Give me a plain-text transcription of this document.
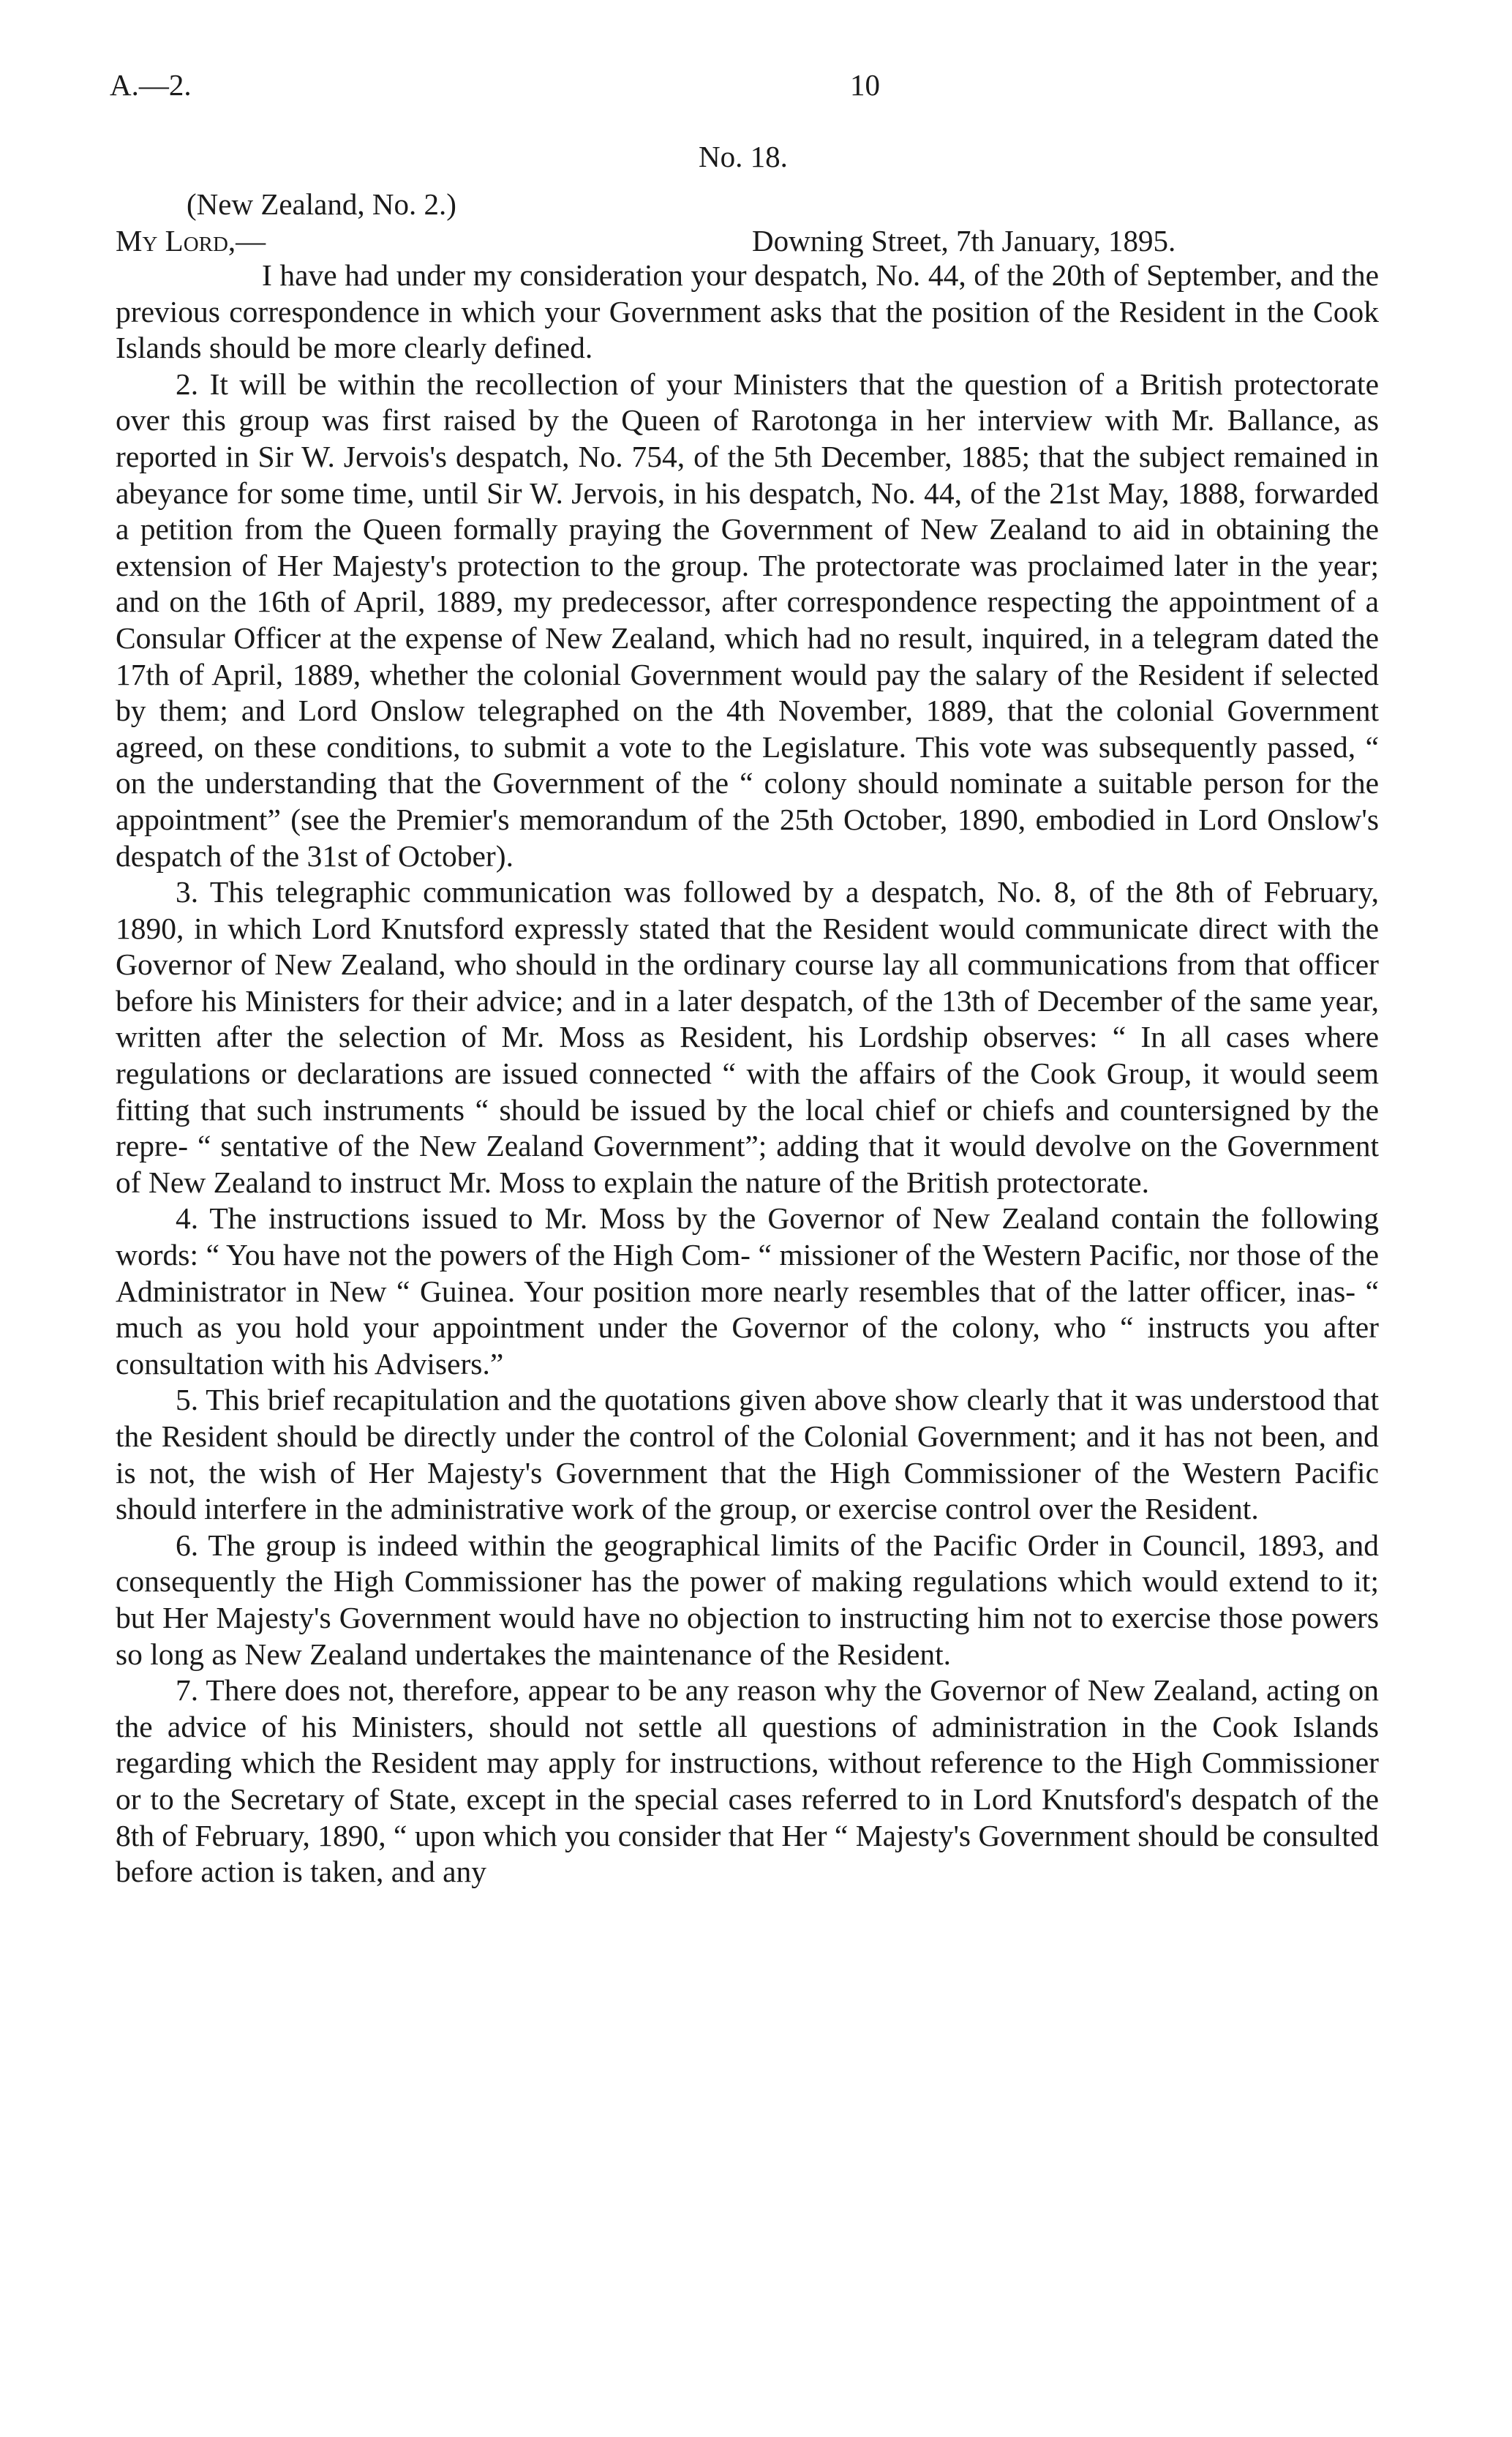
A.—2.	10
No. 18.
(New Zealand, No. 2.)
My Lord,—	Downing Street, 7th January, 1895.

I have had under my consideration your despatch, No. 44, of the 20th of September, and the previous correspondence in which your Government asks that the position of the Resident in the Cook Islands should be more clearly defined.

2. It will be within the recollection of your Ministers that the question of a British protectorate over this group was first raised by the Queen of Rarotonga in her interview with Mr. Ballance, as reported in Sir W. Jervois's despatch, No. 754, of the 5th December, 1885; that the subject remained in abeyance for some time, until Sir W. Jervois, in his despatch, No. 44, of the 21st May, 1888, forwarded a petition from the Queen formally praying the Government of New Zealand to aid in obtaining the extension of Her Majesty's protection to the group. The protectorate was proclaimed later in the year; and on the 16th of April, 1889, my predecessor, after correspondence respecting the appointment of a Consular Officer at the expense of New Zealand, which had no result, inquired, in a telegram dated the 17th of April, 1889, whether the colonial Government would pay the salary of the Resident if selected by them; and Lord Onslow telegraphed on the 4th November, 1889, that the colonial Government agreed, on these conditions, to submit a vote to the Legislature. This vote was subsequently passed, “ on the understanding that the Government of the “ colony should nominate a suitable person for the appointment” (see the Premier's memorandum of the 25th October, 1890, embodied in Lord Onslow's despatch of the 31st of October).

3. This telegraphic communication was followed by a despatch, No. 8, of the 8th of February, 1890, in which Lord Knutsford expressly stated that the Resident would communicate direct with the Governor of New Zealand, who should in the ordinary course lay all communications from that officer before his Ministers for their advice; and in a later despatch, of the 13th of December of the same year, written after the selection of Mr. Moss as Resident, his Lordship observes: “ In all cases where regulations or declarations are issued connected “ with the affairs of the Cook Group, it would seem fitting that such instruments “ should be issued by the local chief or chiefs and countersigned by the repre- “ sentative of the New Zealand Government”; adding that it would devolve on the Government of New Zealand to instruct Mr. Moss to explain the nature of the British protectorate.

4. The instructions issued to Mr. Moss by the Governor of New Zealand contain the following words: “ You have not the powers of the High Com- “ missioner of the Western Pacific, nor those of the Administrator in New “ Guinea. Your position more nearly resembles that of the latter officer, inas- “ much as you hold your appointment under the Governor of the colony, who “ instructs you after consultation with his Advisers.”

5. This brief recapitulation and the quotations given above show clearly that it was understood that the Resident should be directly under the control of the Colonial Government; and it has not been, and is not, the wish of Her Majesty's Government that the High Commissioner of the Western Pacific should interfere in the administrative work of the group, or exercise control over the Resident.

6. The group is indeed within the geographical limits of the Pacific Order in Council, 1893, and consequently the High Commissioner has the power of making regulations which would extend to it; but Her Majesty's Government would have no objection to instructing him not to exercise those powers so long as New Zealand undertakes the maintenance of the Resident.

7. There does not, therefore, appear to be any reason why the Governor of New Zealand, acting on the advice of his Ministers, should not settle all questions of administration in the Cook Islands regarding which the Resident may apply for instructions, without reference to the High Commissioner or to the Secretary of State, except in the special cases referred to in Lord Knutsford's despatch of the 8th of February, 1890, “ upon which you consider that Her “ Majesty's Government should be consulted before action is taken, and any
